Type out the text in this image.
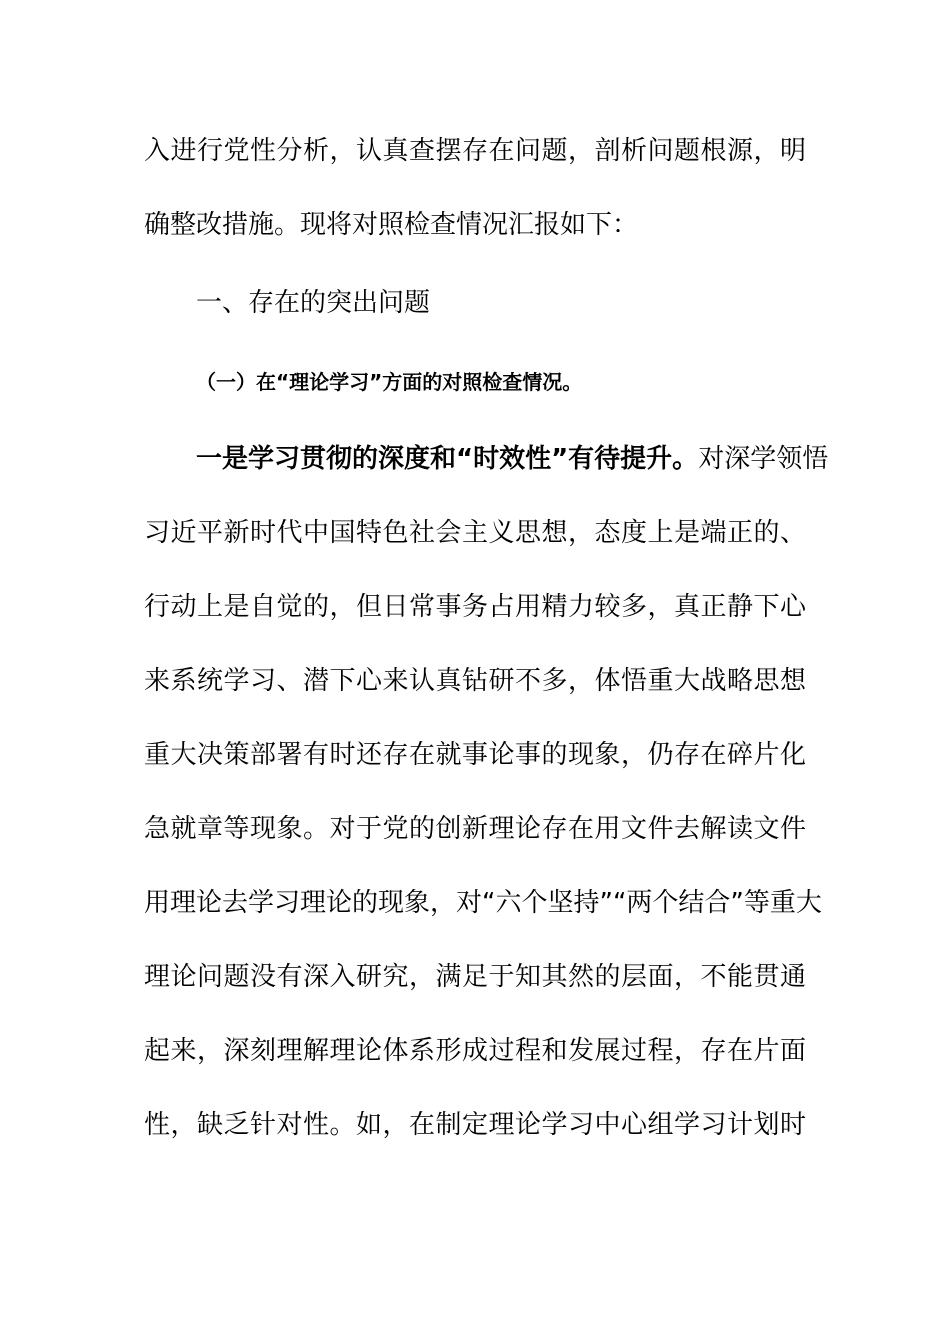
入进行党性分析，认真查摆存在问题，剖析问题根源，明
确整改措施。现将对照检查情况汇报如下：
一、存在的突出问题
（一）在“理论学习”方面的对照检查情况。
一是学习贯彻的深度和“时效性”有待提升。对深学领悟
习近平新时代中国特色社会主义思想，态度上是端正的、
行动上是自觉的，但日常事务占用精力较多，真正静下心
来系统学习、潜下心来认真钻研不多，体悟重大战略思想
重大决策部署有时还存在就事论事的现象，仍存在碎片化
急就章等现象。对于党的创新理论存在用文件去解读文件
用理论去学习理论的现象，对“六个坚持”“两个结合”等重大
理论问题没有深入研究，满足于知其然的层面，不能贯通
起来，深刻理解理论体系形成过程和发展过程，存在片面
性，缺乏针对性。如，在制定理论学习中心组学习计划时
